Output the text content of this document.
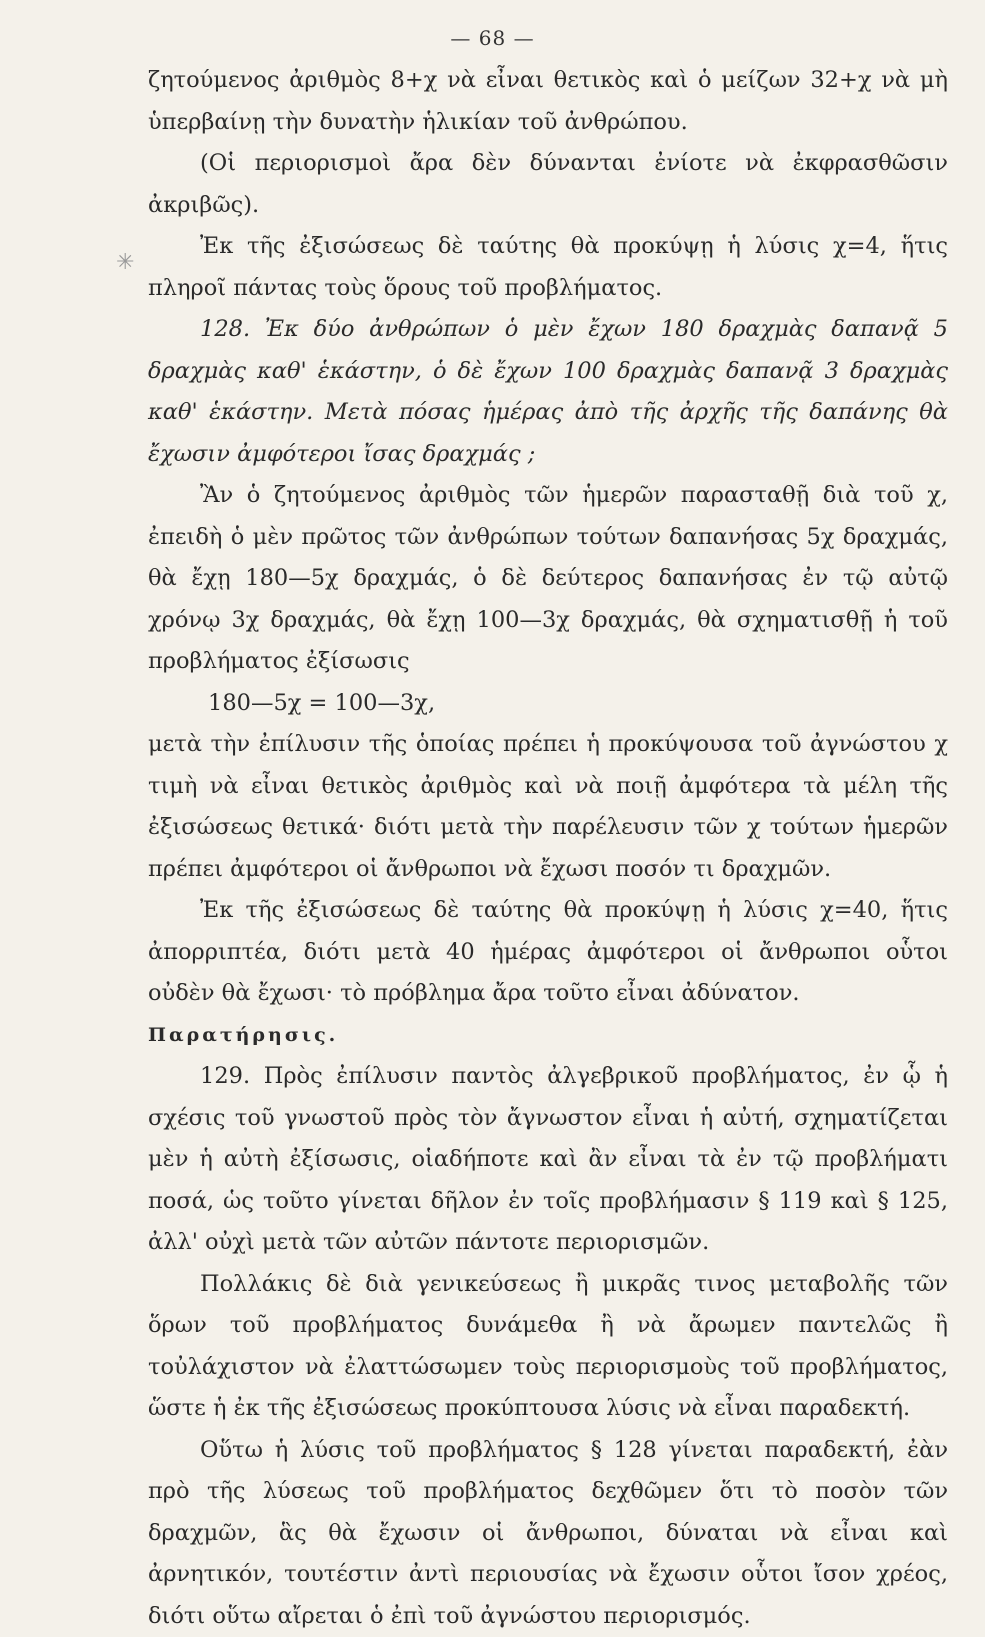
— 68 —
✳

ζητούμενος ἀριθμὸς 8+χ νὰ εἶναι θετικὸς καὶ ὁ μείζων 32+χ νὰ μὴ ὑπερβαίνῃ τὴν δυνατὴν ἡλικίαν τοῦ ἀνθρώπου.

(Οἱ περιορισμοὶ ἄρα δὲν δύνανται ἐνίοτε νὰ ἐκφρασθῶσιν ἀκριβῶς).

Ἐκ τῆς ἐξισώσεως δὲ ταύτης θὰ προκύψῃ ἡ λύσις χ=4, ἥτις πληροῖ πάντας τοὺς ὅρους τοῦ προβλήματος.

128. Ἐκ δύο ἀνθρώπων ὁ μὲν ἔχων 180 δραχμὰς δαπανᾷ 5 δραχμὰς καθ' ἑκάστην, ὁ δὲ ἔχων 100 δραχμὰς δαπανᾷ 3 δραχμὰς καθ' ἑκάστην. Μετὰ πόσας ἡμέρας ἀπὸ τῆς ἀρχῆς τῆς δαπάνης θὰ ἔχωσιν ἀμφότεροι ἴσας δραχμάς ;

Ἂν ὁ ζητούμενος ἀριθμὸς τῶν ἡμερῶν παρασταθῇ διὰ τοῦ χ, ἐπειδὴ ὁ μὲν πρῶτος τῶν ἀνθρώπων τούτων δαπανήσας 5χ δραχμάς, θὰ ἔχῃ 180—5χ δραχμάς, ὁ δὲ δεύτερος δαπανήσας ἐν τῷ αὐτῷ χρόνῳ 3χ δραχμάς, θὰ ἔχῃ 100—3χ δραχμάς, θὰ σχηματισθῇ ἡ τοῦ προβλήματος ἐξίσωσις

180—5χ = 100—3χ,

μετὰ τὴν ἐπίλυσιν τῆς ὁποίας πρέπει ἡ προκύψουσα τοῦ ἀγνώστου χ τιμὴ νὰ εἶναι θετικὸς ἀριθμὸς καὶ νὰ ποιῇ ἀμφότερα τὰ μέλη τῆς ἐξισώσεως θετικά· διότι μετὰ τὴν παρέλευσιν τῶν χ τούτων ἡμερῶν πρέπει ἀμφότεροι οἱ ἄνθρωποι νὰ ἔχωσι ποσόν τι δραχμῶν.

Ἐκ τῆς ἐξισώσεως δὲ ταύτης θὰ προκύψῃ ἡ λύσις χ=40, ἥτις ἀπορριπτέα, διότι μετὰ 40 ἡμέρας ἀμφότεροι οἱ ἄνθρωποι οὗτοι οὐδὲν θὰ ἔχωσι· τὸ πρόβλημα ἄρα τοῦτο εἶναι ἀδύνατον.

Παρατήρησις.

129. Πρὸς ἐπίλυσιν παντὸς ἀλγεβρικοῦ προβλήματος, ἐν ᾧ ἡ σχέσις τοῦ γνωστοῦ πρὸς τὸν ἄγνωστον εἶναι ἡ αὐτή, σχηματίζεται μὲν ἡ αὐτὴ ἐξίσωσις, οἱαδήποτε καὶ ἂν εἶναι τὰ ἐν τῷ προβλήματι ποσά, ὡς τοῦτο γίνεται δῆλον ἐν τοῖς προβλήμασιν § 119 καὶ § 125, ἀλλ' οὐχὶ μετὰ τῶν αὐτῶν πάντοτε περιορισμῶν.

Πολλάκις δὲ διὰ γενικεύσεως ἢ μικρᾶς τινος μεταβολῆς τῶν ὅρων τοῦ προβλήματος δυνάμεθα ἢ νὰ ἄρωμεν παντελῶς ἢ τοὐλάχιστον νὰ ἐλαττώσωμεν τοὺς περιορισμοὺς τοῦ προβλήματος, ὥστε ἡ ἐκ τῆς ἐξισώσεως προκύπτουσα λύσις νὰ εἶναι παραδεκτή.

Οὕτω ἡ λύσις τοῦ προβλήματος § 128 γίνεται παραδεκτή, ἐὰν πρὸ τῆς λύσεως τοῦ προβλήματος δεχθῶμεν ὅτι τὸ ποσὸν τῶν δραχμῶν, ἃς θὰ ἔχωσιν οἱ ἄνθρωποι, δύναται νὰ εἶναι καὶ ἀρνητικόν, τουτέστιν ἀντὶ περιουσίας νὰ ἔχωσιν οὗτοι ἴσον χρέος, διότι οὕτω αἴρεται ὁ ἐπὶ τοῦ ἀγνώστου περιορισμός.
